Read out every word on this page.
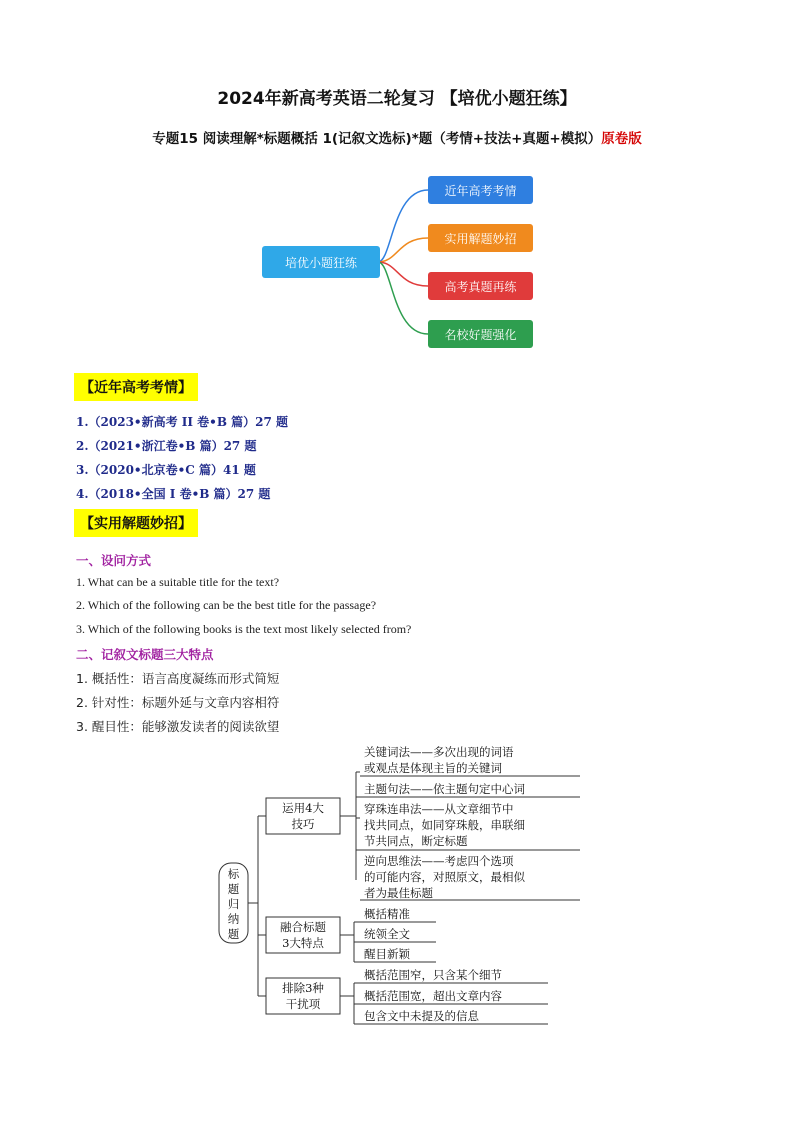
2024年新高考英语二轮复习 【培优小题狂练】
专题15 阅读理解*标题概括 1(记叙文选标)*题（考情+技法+真题+模拟）原卷版
培优小题狂练
近年高考考情
实用解题妙招
高考真题再练
名校好题强化
【近年高考考情】
1.（2023•新高考 II 卷•B 篇）27 题
2.（2021•浙江卷•B 篇）27 题
3.（2020•北京卷•C 篇）41 题
4.（2018•全国 I 卷•B 篇）27 题
【实用解题妙招】
一、设问方式
1. What can be a suitable title for the text?
2. Which of the following can be the best title for the passage?
3. Which of the following books is the text most likely selected from?
二、记叙文标题三大特点
1. 概括性：语言高度凝练而形式简短
2. 针对性：标题外延与文章内容相符
3. 醒目性：能够激发读者的阅读欲望
标
题
归
纳
题
运用4大
技巧
融合标题
3大特点
排除3种
干扰项
关键词法——多次出现的词语
或观点是体现主旨的关键词
主题句法——依主题句定中心词
穿珠连串法——从文章细节中
找共同点，如同穿珠般，串联细
节共同点，断定标题
逆向思维法——考虑四个选项
的可能内容，对照原文，最相似
者为最佳标题
概括精准
统领全文
醒目新颖
概括范围窄，只含某个细节
概括范围宽，超出文章内容
包含文中未提及的信息
